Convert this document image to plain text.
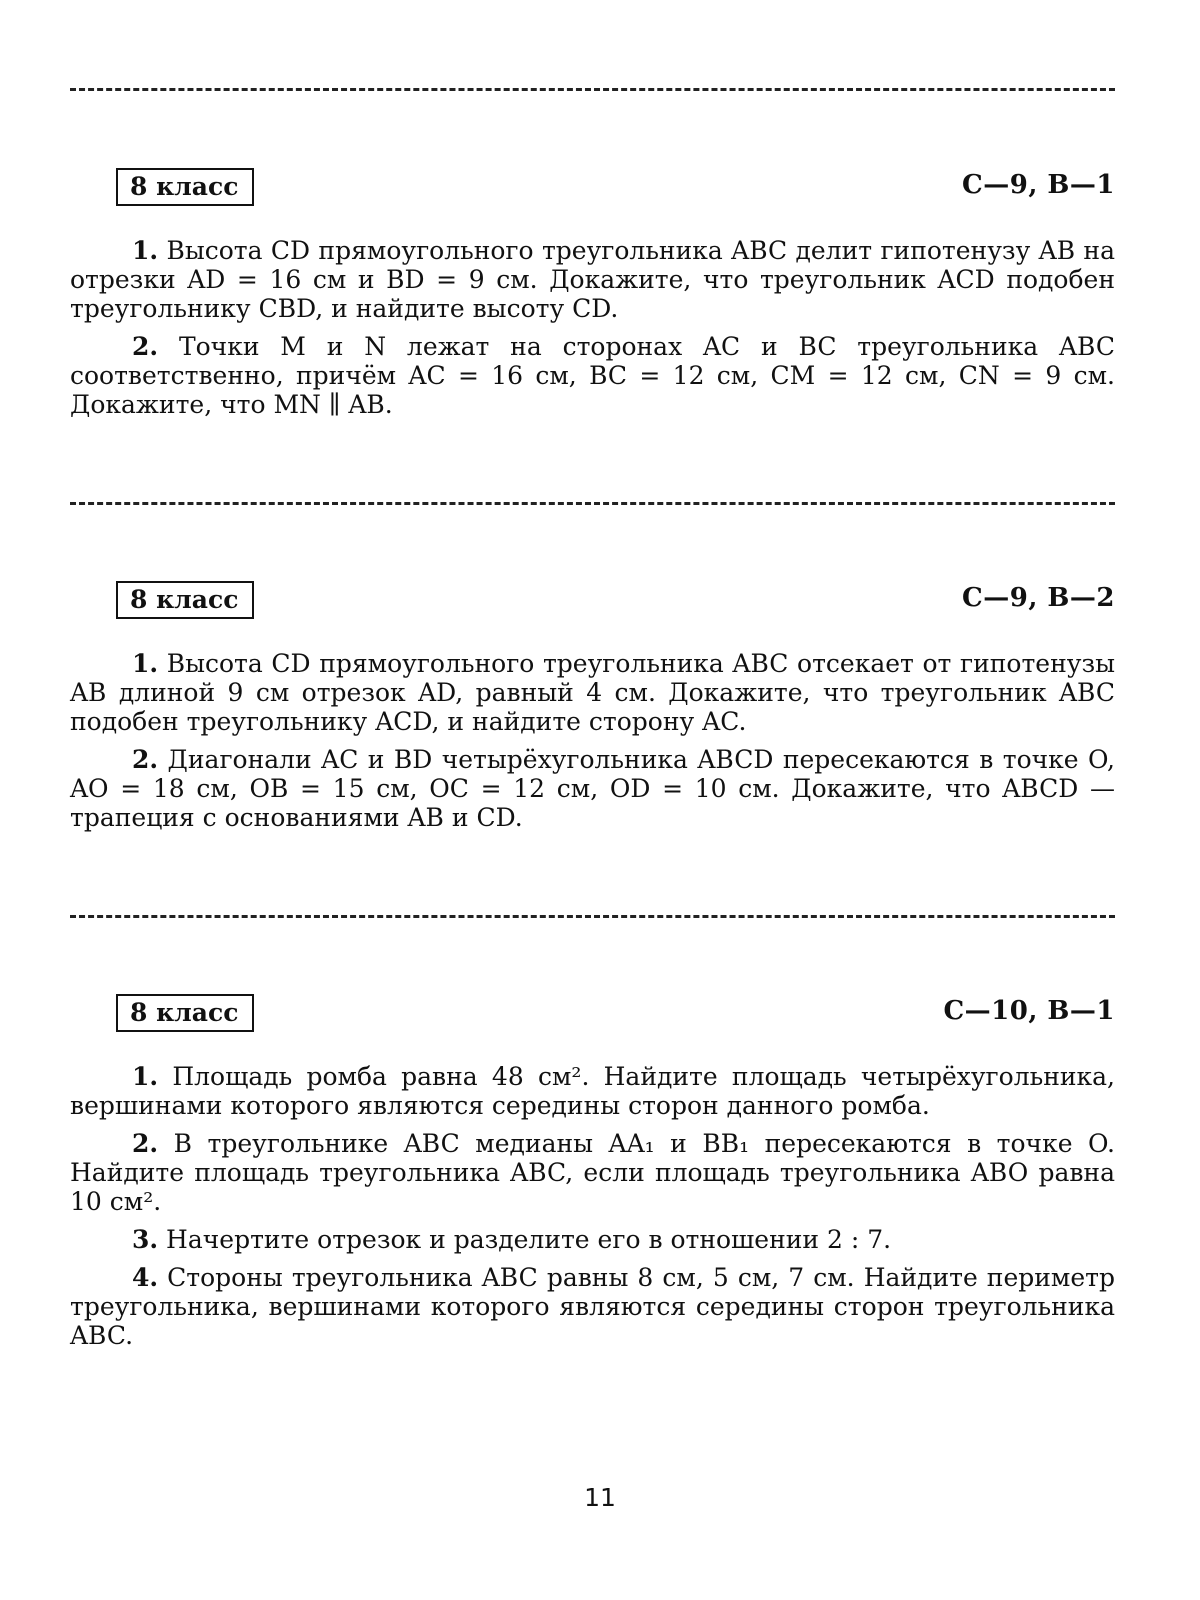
8 класс	С—9, В—1

1. Высота CD прямоугольного треугольника ABC делит гипотенузу AB на отрезки AD = 16 см и BD = 9 см. Докажите, что треугольник ACD подобен треугольнику CBD, и найдите высоту CD.

2. Точки M и N лежат на сторонах AC и BC треугольника ABC соответственно, причём AC = 16 см, BC = 12 см, CM = 12 см, CN = 9 см. Докажите, что MN ∥ AB.

8 класс	С—9, В—2

1. Высота CD прямоугольного треугольника ABC отсекает от гипотенузы AB длиной 9 см отрезок AD, равный 4 см. Докажите, что треугольник ABC подобен треугольнику ACD, и найдите сторону AC.

2. Диагонали AC и BD четырёхугольника ABCD пересекаются в точке O, AO = 18 см, OB = 15 см, OC = 12 см, OD = 10 см. Докажите, что ABCD — трапеция с основаниями AB и CD.

8 класс	С—10, В—1

1. Площадь ромба равна 48 см². Найдите площадь четырёхугольника, вершинами которого являются середины сторон данного ромба.

2. В треугольнике ABC медианы AA₁ и BB₁ пересекаются в точке O. Найдите площадь треугольника ABC, если площадь треугольника ABO равна 10 см².

3. Начертите отрезок и разделите его в отношении 2 : 7.

4. Стороны треугольника ABC равны 8 см, 5 см, 7 см. Найдите периметр треугольника, вершинами которого являются середины сторон треугольника ABC.

11
